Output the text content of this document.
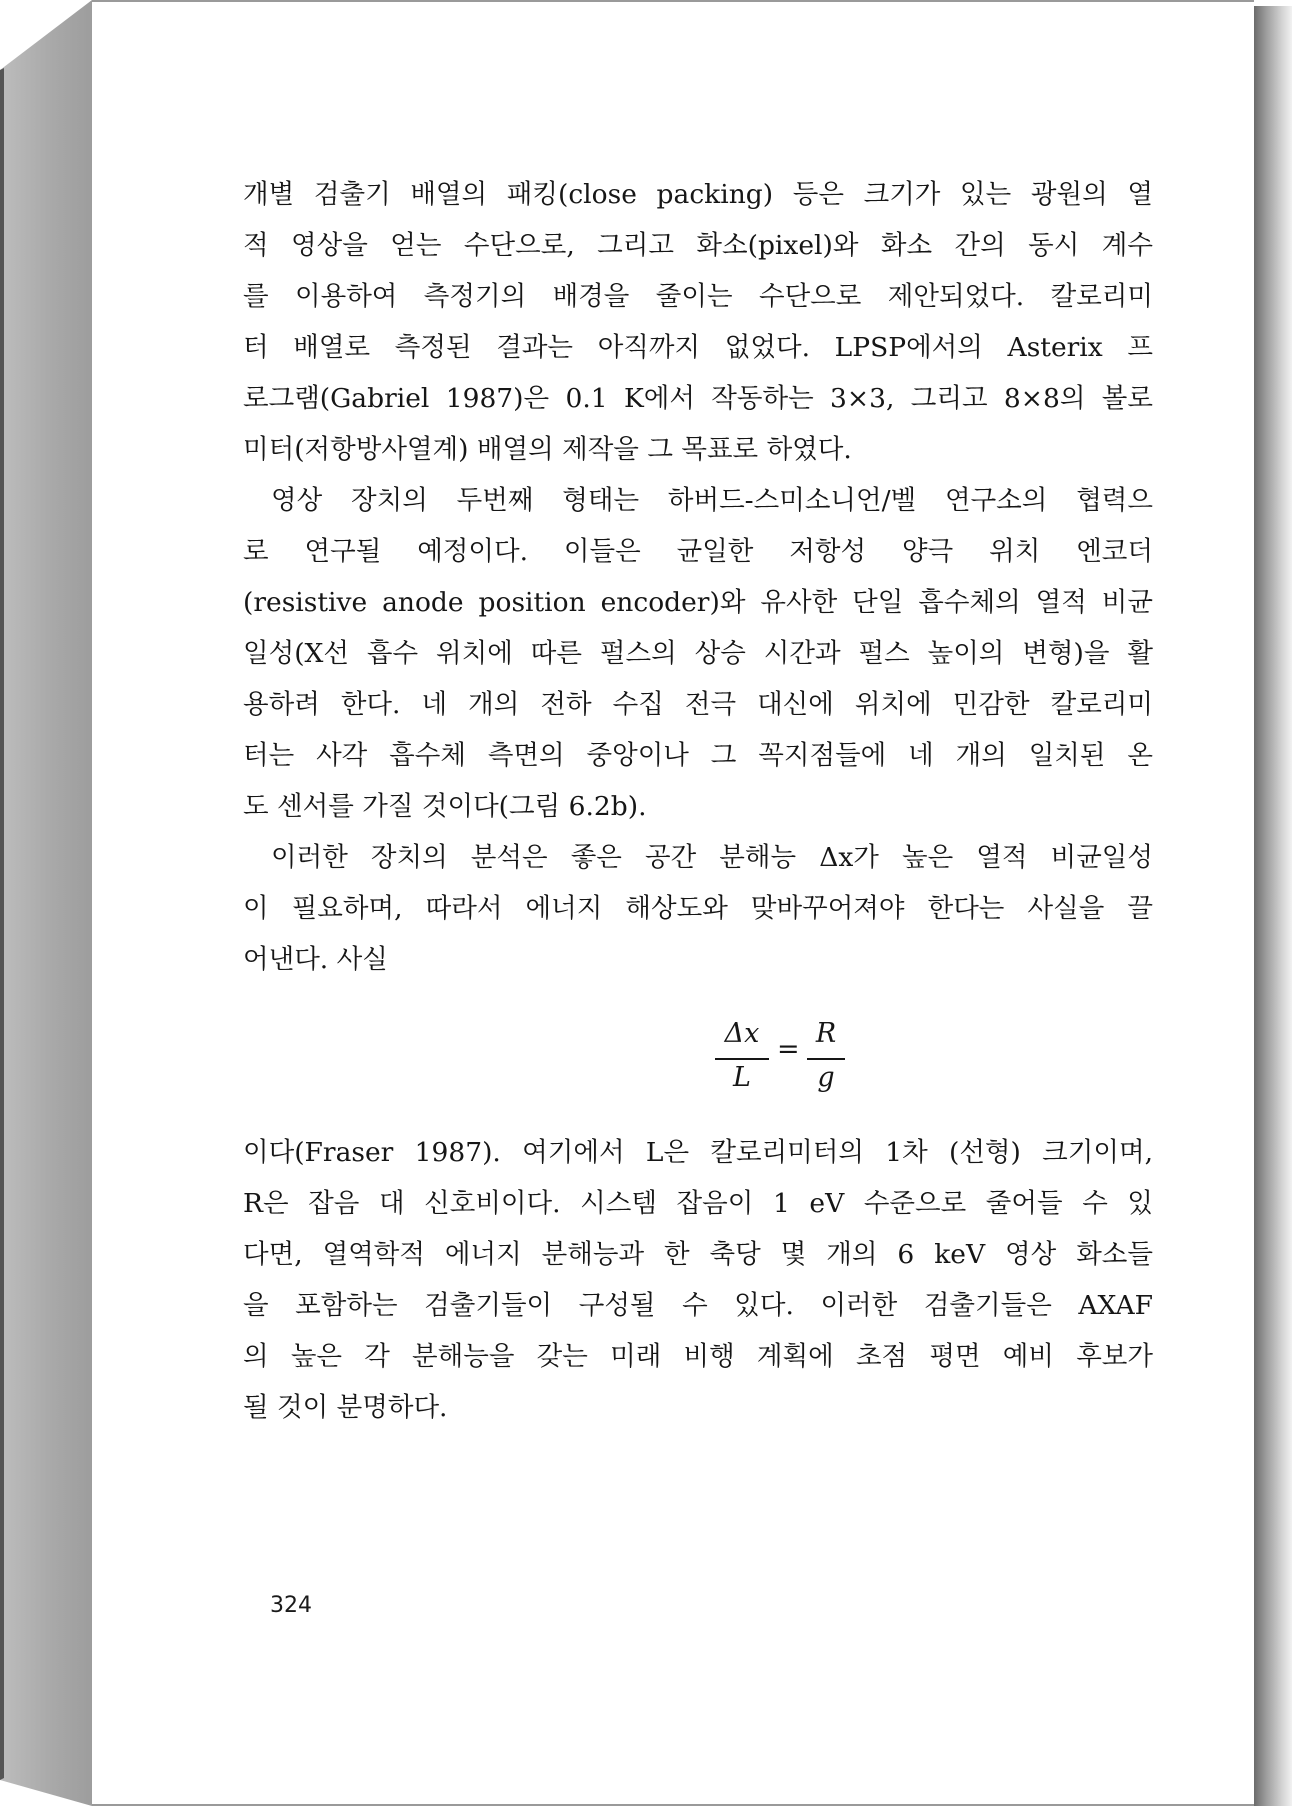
개별 검출기 배열의 패킹(close packing) 등은 크기가 있는 광원의 열
적 영상을 얻는 수단으로, 그리고 화소(pixel)와 화소 간의 동시 계수
를 이용하여 측정기의 배경을 줄이는 수단으로 제안되었다. 칼로리미
터 배열로 측정된 결과는 아직까지 없었다. LPSP에서의 Asterix 프
로그램(Gabriel 1987)은 0.1 K에서 작동하는 3×3, 그리고 8×8의 볼로
미터(저항방사열계) 배열의 제작을 그 목표로 하였다.
영상 장치의 두번째 형태는 하버드-스미소니언/벨 연구소의 협력으
로 연구될 예정이다. 이들은 균일한 저항성 양극 위치 엔코더
(resistive anode position encoder)와 유사한 단일 흡수체의 열적 비균
일성(X선 흡수 위치에 따른 펄스의 상승 시간과 펄스 높이의 변형)을 활
용하려 한다. 네 개의 전하 수집 전극 대신에 위치에 민감한 칼로리미
터는 사각 흡수체 측면의 중앙이나 그 꼭지점들에 네 개의 일치된 온
도 센서를 가질 것이다(그림 6.2b).
이러한 장치의 분석은 좋은 공간 분해능 Δx가 높은 열적 비균일성
이 필요하며, 따라서 에너지 해상도와 맞바꾸어져야 한다는 사실을 끌
어낸다. 사실
Δx
L
=
R
g
이다(Fraser 1987). 여기에서 L은 칼로리미터의 1차 (선형) 크기이며,
R은 잡음 대 신호비이다. 시스템 잡음이 1 eV 수준으로 줄어들 수 있
다면, 열역학적 에너지 분해능과 한 축당 몇 개의 6 keV 영상 화소들
을 포함하는 검출기들이 구성될 수 있다. 이러한 검출기들은 AXAF
의 높은 각 분해능을 갖는 미래 비행 계획에 초점 평면 예비 후보가
될 것이 분명하다.
324
